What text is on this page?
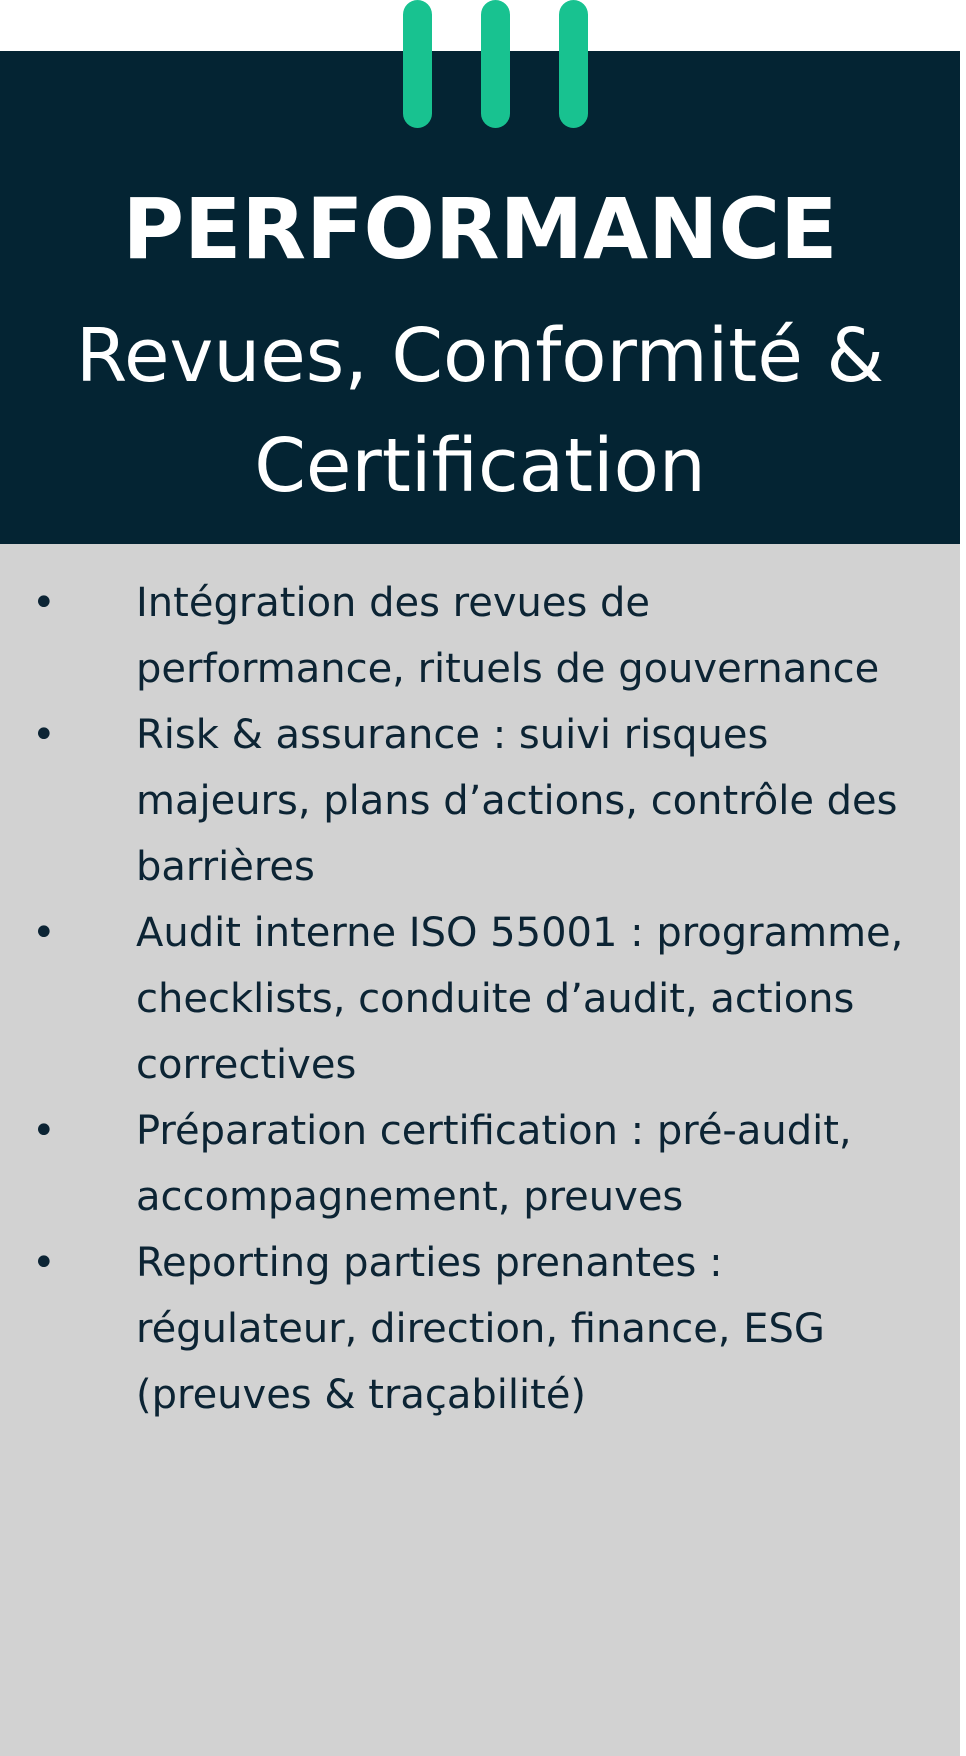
PERFORMANCE
Revues, Conformité & Certification
• Intégration des revues de performance, rituels de gouvernance
• Risk & assurance : suivi risques majeurs, plans d’actions, contrôle des barrières
• Audit interne ISO 55001 : programme, checklists, conduite d’audit, actions correctives
• Préparation certification : pré-audit, accompagnement, preuves
• Reporting parties prenantes : régulateur, direction, finance, ESG (preuves & traçabilité)
